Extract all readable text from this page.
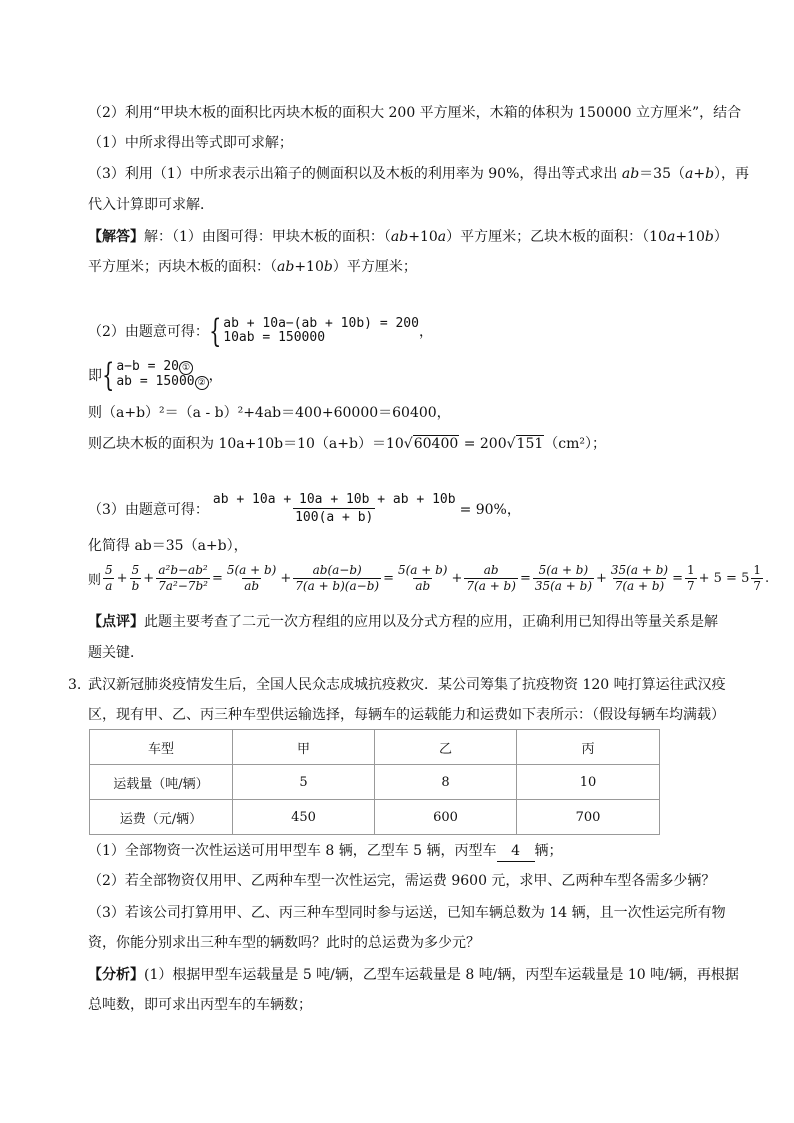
（2）利用“甲块木板的面积比丙块木板的面积大 200 平方厘米，木箱的体积为 150000 立方厘米”，结合
（1）中所求得出等式即可求解；
（3）利用（1）中所求表示出箱子的侧面积以及木板的利用率为 90%，得出等式求出 ab＝35（a+b），再
代入计算即可求解．
【解答】解：（1）由图可得：甲块木板的面积：（ab+10a）平方厘米；乙块木板的面积：（10a+10b）
平方厘米；丙块木板的面积：（ab+10b）平方厘米；
（2）由题意可得： { ab + 10a−(ab + 10b) = 200
10ab = 150000	，
即 { a−b = 20 ①
ab = 15000 ② ，
则（a+b）²＝（a - b）²+4ab＝400+60000＝60400，
则乙块木板的面积为 10a+10b＝10（a+b）＝10√60400 = 200√151（cm²）；
（3）由题意可得： $\frac{ab + 10a + 10a + 10b + ab + 10b}{100(a + b)} = 90\%$，
化简得 ab＝35（a+b），
则 $\frac{5}{a} + \frac{5}{b} + \frac{\text{a²b−ab²}}{\text{7a²−7b²}} = \frac{5(a + b)}{ab} + \frac{ab(a-b)}{7(a + b)(a-b)} = \frac{5(a + b)}{ab} + \frac{ab}{7(a + b)} = \frac{5(a + b)}{35(a + b)} + \frac{35(a + b)}{7(a + b)} = \frac{1}{7} + 5 = 5 \frac{1}{7}$ .
【点评】此题主要考查了二元一次方程组的应用以及分式方程的应用，正确利用已知得出等量关系是解
题关键．
3. 武汉新冠肺炎疫情发生后，全国人民众志成城抗疫救灾．某公司筹集了抗疫物资 120 吨打算运往武汉疫
区，现有甲、乙、丙三种车型供运输选择，每辆车的运载能力和运费如下表所示：（假设每辆车均满载）
车型	甲	乙	丙
运载量（吨/辆）	5	8	10
运费（元/辆）	450	600	700
（1）全部物资一次性运送可用甲型车 8 辆，乙型车 5 辆，丙型车 4 辆；
（2）若全部物资仅用甲、乙两种车型一次性运完，需运费 9600 元，求甲、乙两种车型各需多少辆？
（3）若该公司打算用甲、乙、丙三种车型同时参与运送，已知车辆总数为 14 辆，且一次性运完所有物
资，你能分别求出三种车型的辆数吗？此时的总运费为多少元？
【分析】(1）根据甲型车运载量是 5 吨/辆，乙型车运载量是 8 吨/辆，丙型车运载量是 10 吨/辆，再根据
总吨数，即可求出丙型车的车辆数；
